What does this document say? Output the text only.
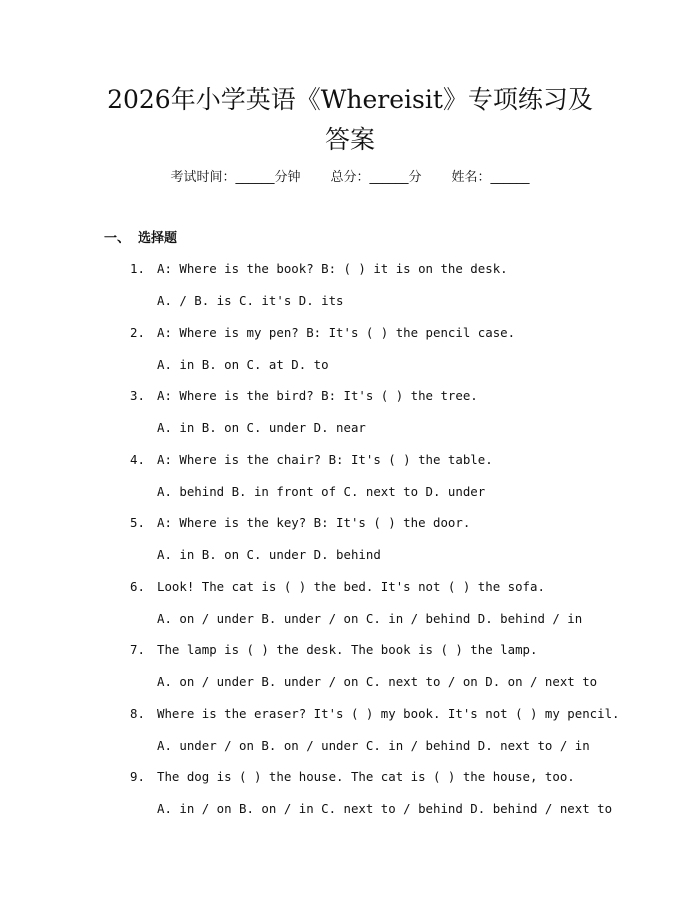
2026年小学英语《Whereisit》专项练习及
答案
考试时间：______分钟 总分：______分 姓名：______
一、 选择题
1. A: Where is the book? B: ( ) it is on the desk.
A. / B. is C. it's D. its
2. A: Where is my pen? B: It's ( ) the pencil case.
A. in B. on C. at D. to
3. A: Where is the bird? B: It's ( ) the tree.
A. in B. on C. under D. near
4. A: Where is the chair? B: It's ( ) the table.
A. behind B. in front of C. next to D. under
5. A: Where is the key? B: It's ( ) the door.
A. in B. on C. under D. behind
6. Look! The cat is ( ) the bed. It's not ( ) the sofa.
A. on / under B. under / on C. in / behind D. behind / in
7. The lamp is ( ) the desk. The book is ( ) the lamp.
A. on / under B. under / on C. next to / on D. on / next to
8. Where is the eraser? It's ( ) my book. It's not ( ) my pencil.
A. under / on B. on / under C. in / behind D. next to / in
9. The dog is ( ) the house. The cat is ( ) the house, too.
A. in / on B. on / in C. next to / behind D. behind / next to
